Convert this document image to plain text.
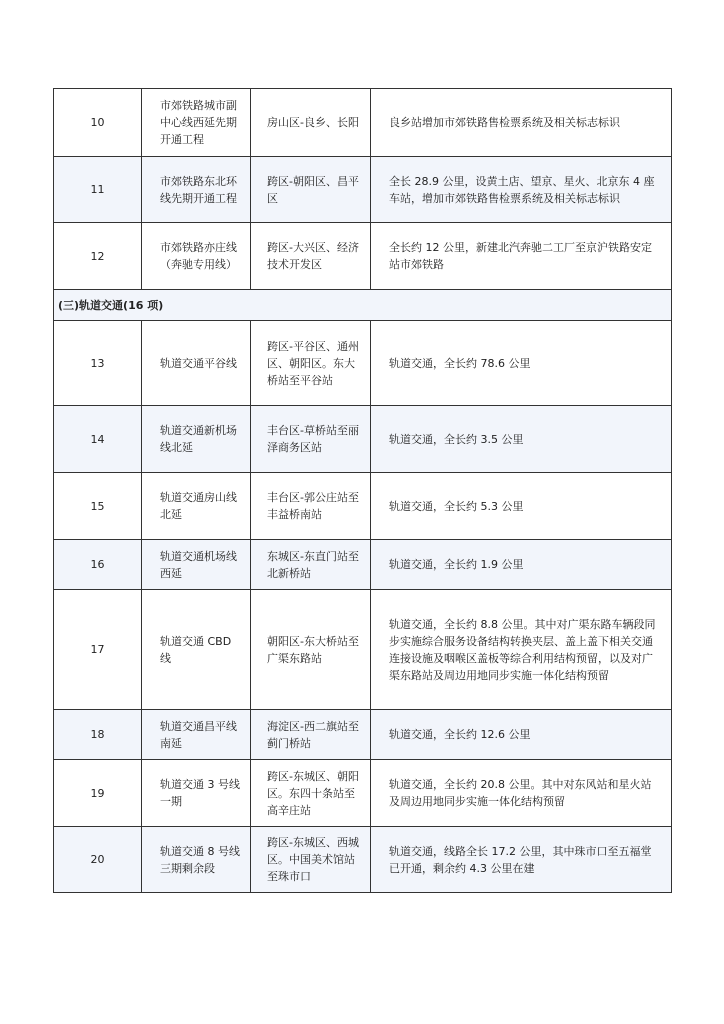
10	市郊铁路城市副中心线西延先期开通工程	房山区-良乡、长阳	良乡站增加市郊铁路售检票系统及相关标志标识
11	市郊铁路东北环线先期开通工程	跨区-朝阳区、昌平区	全长 28.9 公里，设黄土店、望京、星火、北京东 4 座车站，增加市郊铁路售检票系统及相关标志标识
12	市郊铁路亦庄线（奔驰专用线）	跨区-大兴区、经济技术开发区	全长约 12 公里，新建北汽奔驰二工厂至京沪铁路安定站市郊铁路
(三)轨道交通(16 项)			
13	轨道交通平谷线	跨区-平谷区、通州区、朝阳区。东大桥站至平谷站	轨道交通，全长约 78.6 公里
14	轨道交通新机场线北延	丰台区-草桥站至丽泽商务区站	轨道交通，全长约 3.5 公里
15	轨道交通房山线北延	丰台区-郭公庄站至丰益桥南站	轨道交通，全长约 5.3 公里
16	轨道交通机场线西延	东城区-东直门站至北新桥站	轨道交通，全长约 1.9 公里
17	轨道交通 CBD 线	朝阳区-东大桥站至广渠东路站	轨道交通，全长约 8.8 公里。其中对广渠东路车辆段同步实施综合服务设备结构转换夹层、盖上盖下相关交通连接设施及咽喉区盖板等综合利用结构预留，以及对广渠东路站及周边用地同步实施一体化结构预留
18	轨道交通昌平线南延	海淀区-西二旗站至蓟门桥站	轨道交通，全长约 12.6 公里
19	轨道交通 3 号线一期	跨区-东城区、朝阳区。东四十条站至高辛庄站	轨道交通，全长约 20.8 公里。其中对东风站和星火站及周边用地同步实施一体化结构预留
20	轨道交通 8 号线三期剩余段	跨区-东城区、西城区。中国美术馆站至珠市口	轨道交通，线路全长 17.2 公里，其中珠市口至五福堂已开通，剩余约 4.3 公里在建
